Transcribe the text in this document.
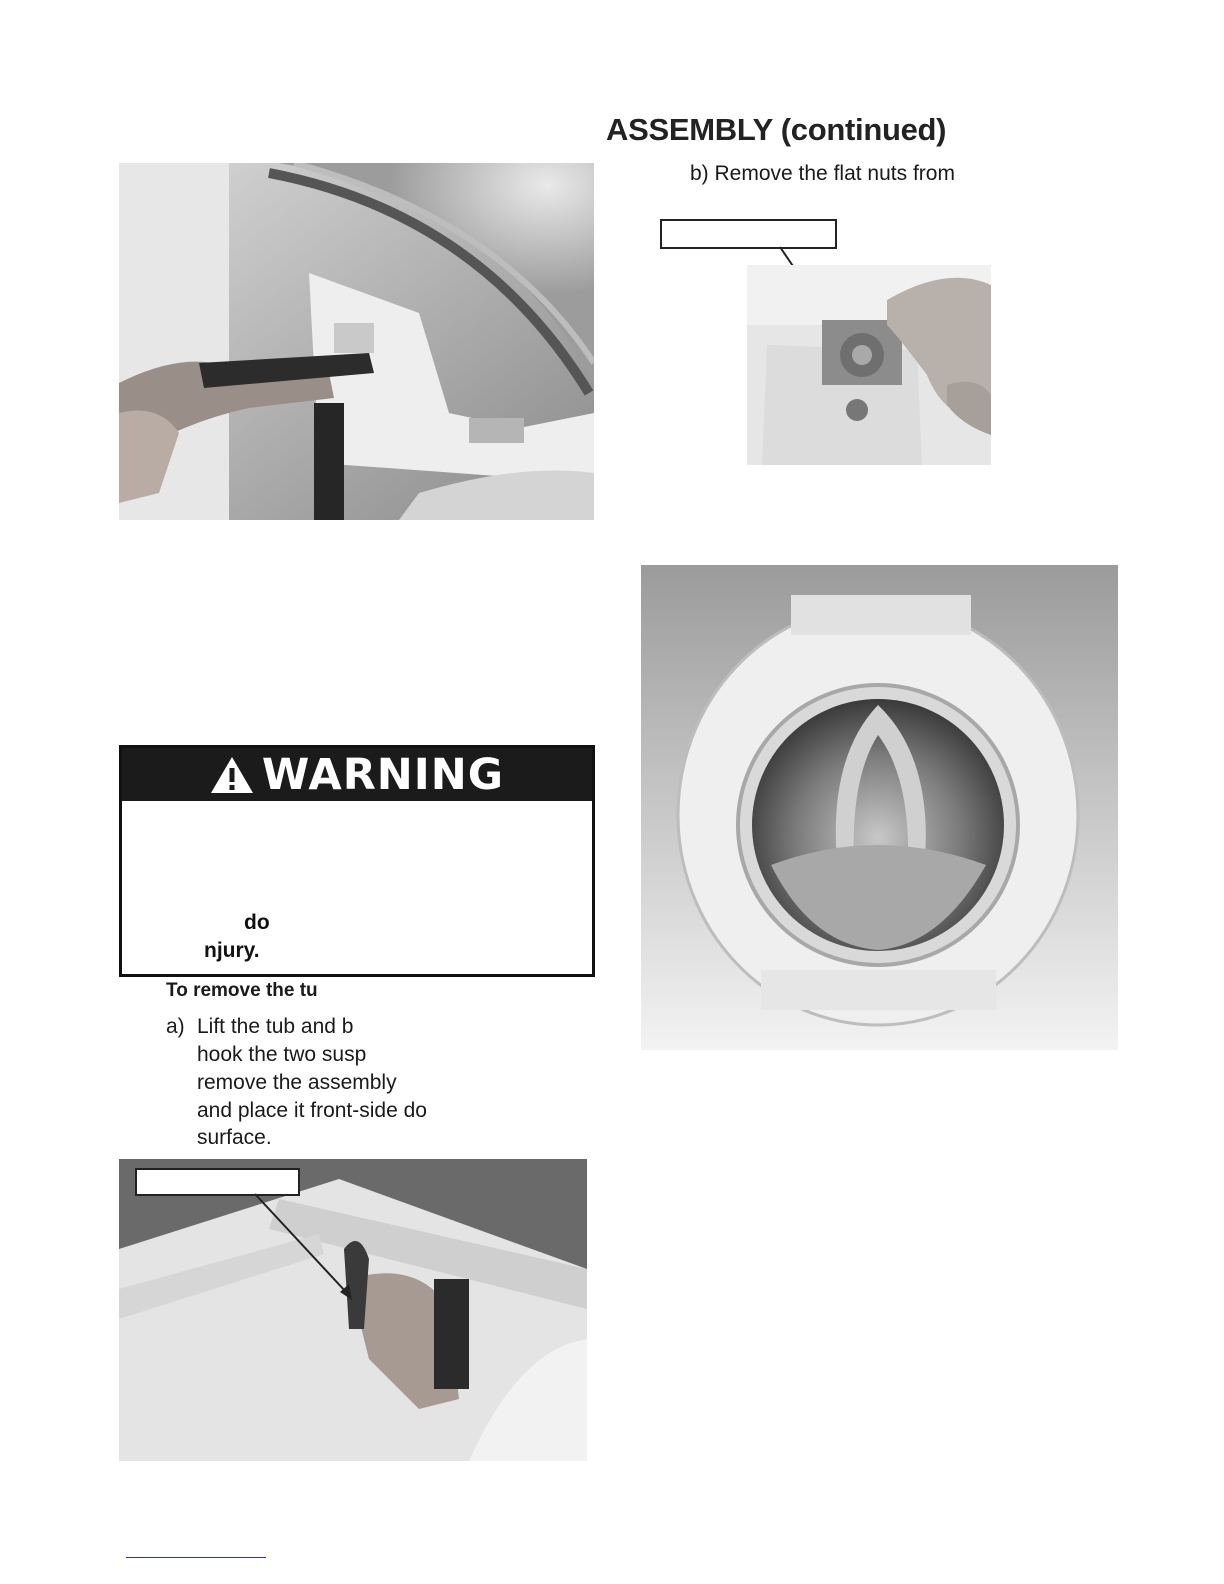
ASSEMBLY (continued)
b) Remove the flat nuts from
WARNING
do
njury.
To remove the tu
a) Lift the tub and b
hook the two susp
remove the assembly
and place it front-side do
surface.
